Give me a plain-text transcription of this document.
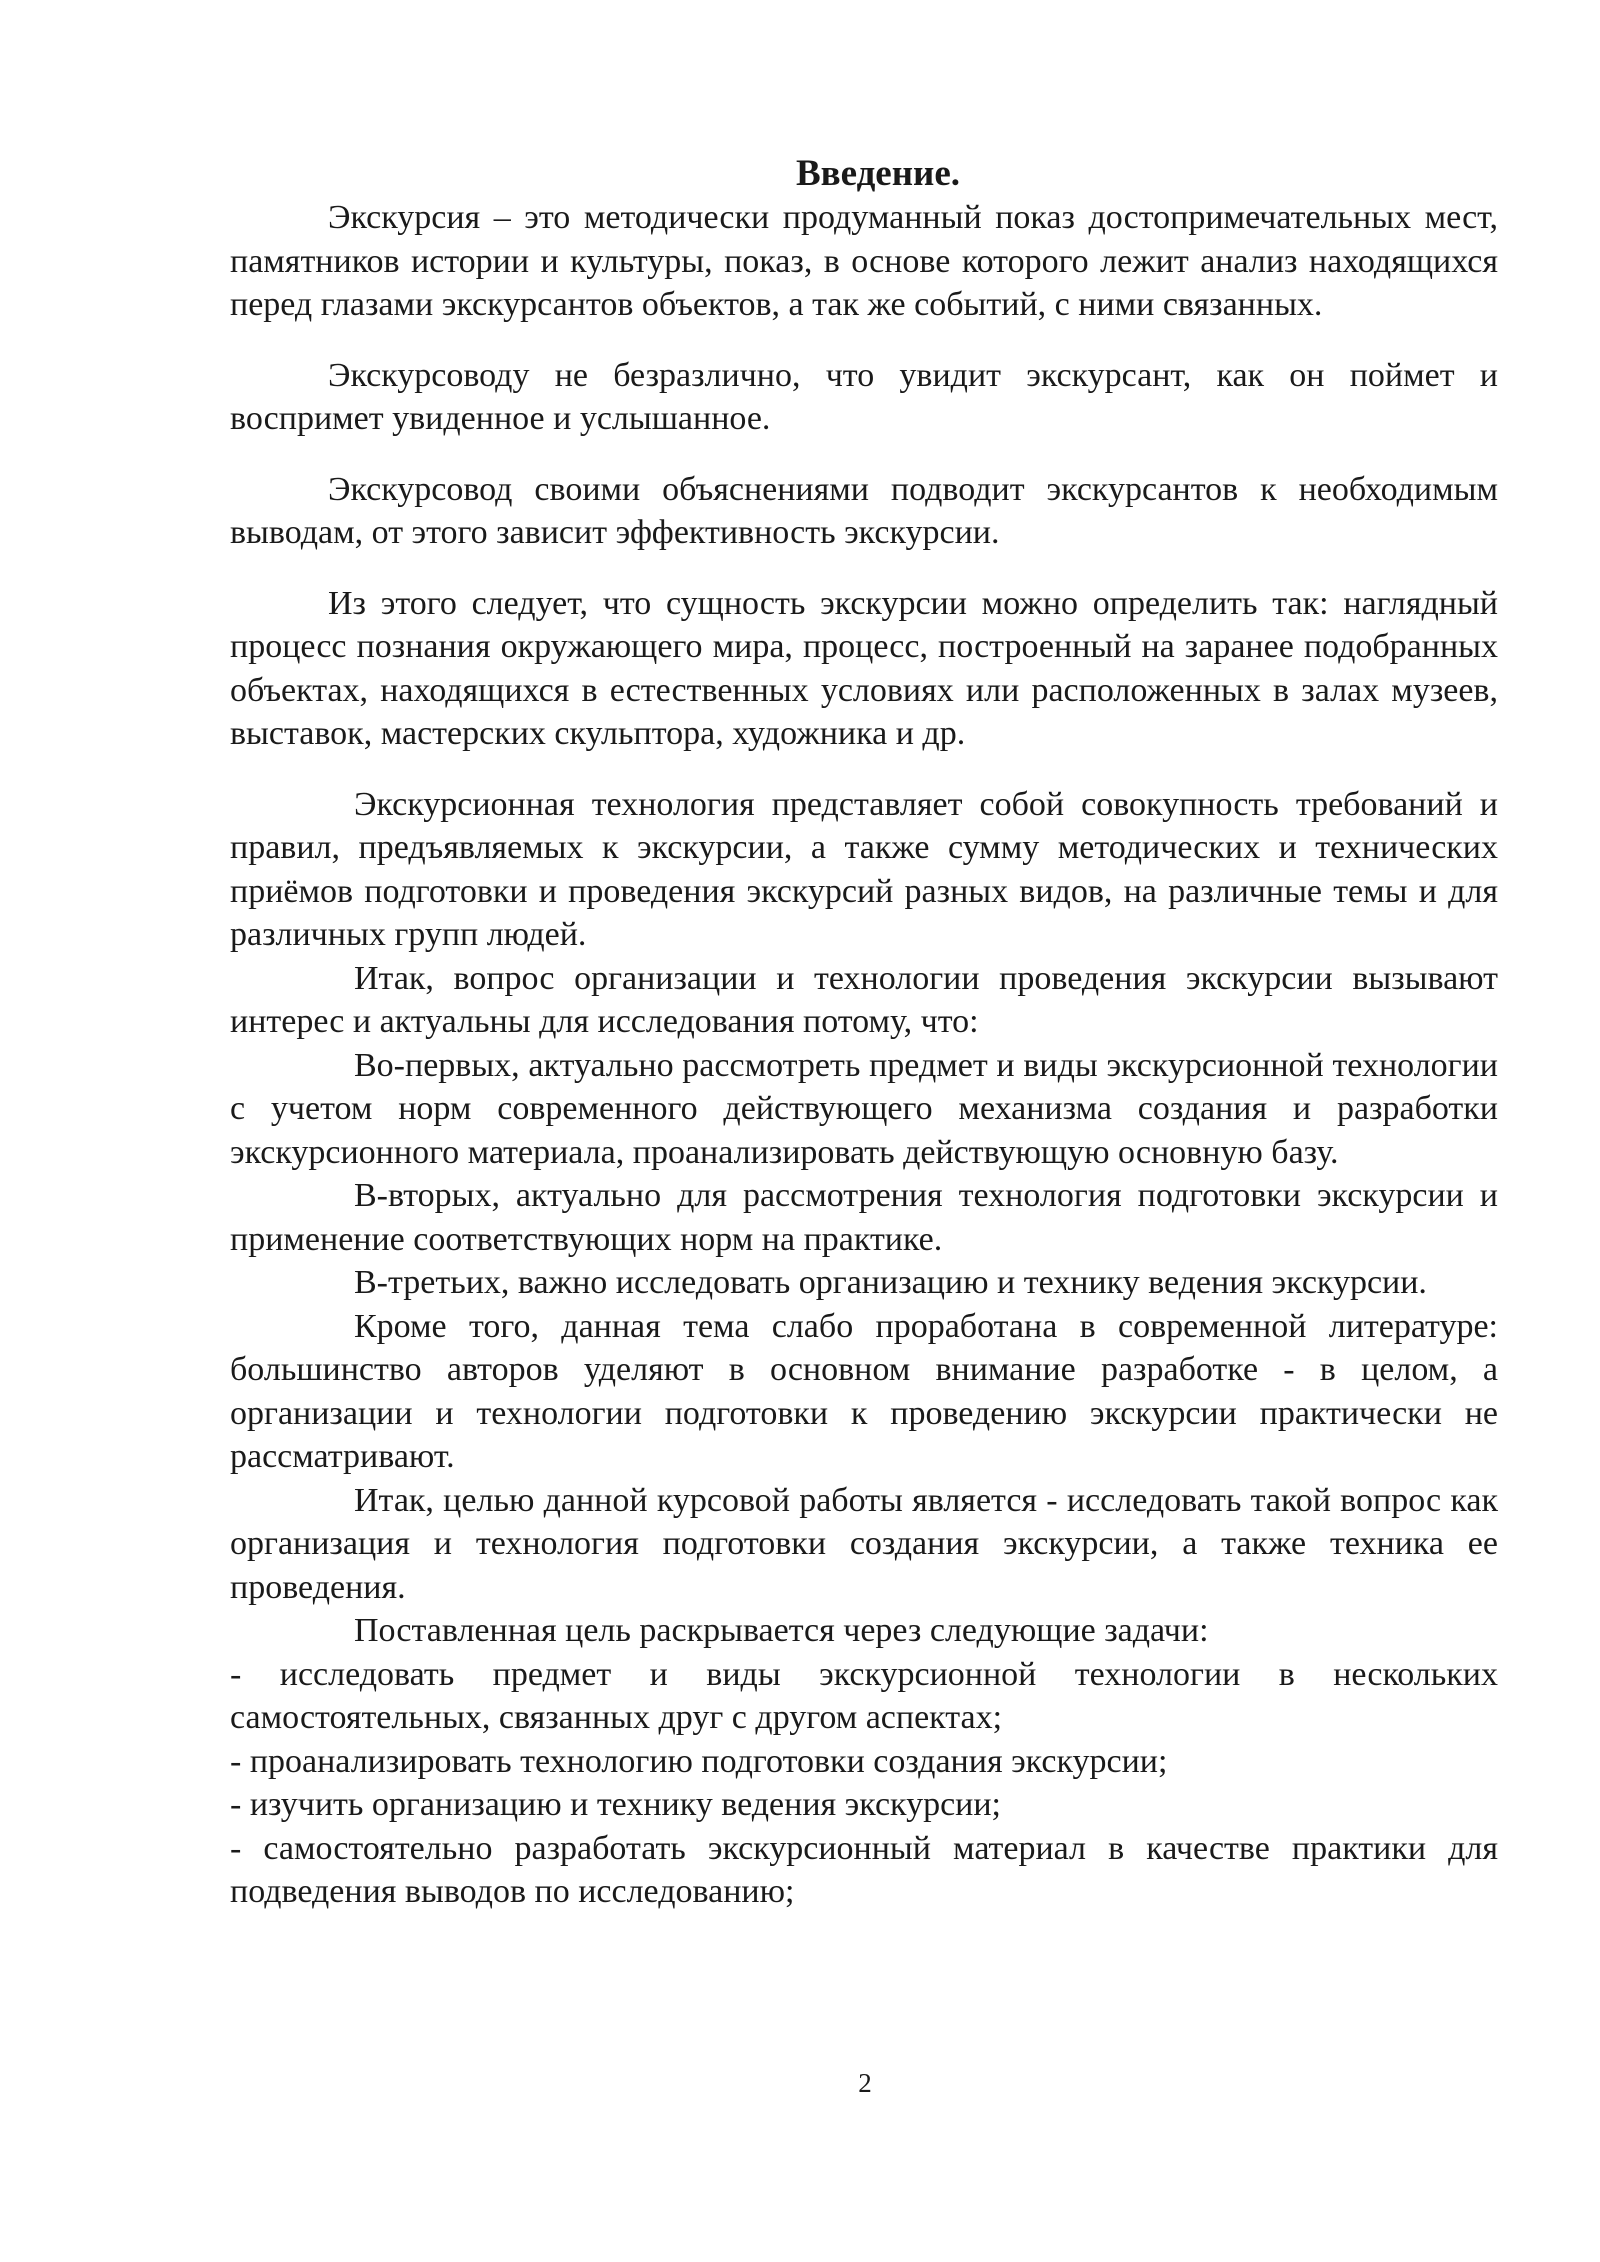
Введение.

Экскурсия – это методически продуманный показ достопримечательных мест, памятников истории и культуры, показ, в основе которого лежит анализ находящихся перед глазами экскурсантов объектов, а так же событий, с ними связанных.

Экскурсоводу не безразлично, что увидит экскурсант, как он поймет и воспримет увиденное и услышанное.

Экскурсовод своими объяснениями подводит экскурсантов к необходимым выводам, от этого зависит эффективность экскурсии.

Из этого следует, что сущность экскурсии можно определить так: наглядный процесс познания окружающего мира, процесс, построенный на заранее подобранных объектах, находящихся в естественных условиях или расположенных в залах музеев, выставок, мастерских скульптора, художника и др.

Экскурсионная технология представляет собой совокупность требований и правил, предъявляемых к экскурсии, а также сумму методических и технических приёмов подготовки и проведения экскурсий разных видов, на различные темы и для различных групп людей.

Итак, вопрос организации и технологии проведения экскурсии вызывают интерес и актуальны для исследования потому, что:

Во-первых, актуально рассмотреть предмет и виды экскурсионной технологии с учетом норм современного действующего механизма создания и разработки экскурсионного материала, проанализировать действующую основную базу.

В-вторых, актуально для рассмотрения технология подготовки экскурсии и применение соответствующих норм на практике.

В-третьих, важно исследовать организацию и технику ведения экскурсии.

Кроме того, данная тема слабо проработана в современной литературе: большинство авторов уделяют в основном внимание разработке - в целом, а организации и технологии подготовки к проведению экскурсии практически не рассматривают.

Итак, целью данной курсовой работы является - исследовать такой вопрос как организация и технология подготовки создания экскурсии, а также техника ее проведения.

Поставленная цель раскрывается через следующие задачи:

- исследовать предмет и виды экскурсионной технологии в нескольких самостоятельных, связанных друг с другом аспектах;

- проанализировать технологию подготовки создания экскурсии;

- изучить организацию и технику ведения экскурсии;

- самостоятельно разработать экскурсионный материал в качестве практики для подведения выводов по исследованию;

2
